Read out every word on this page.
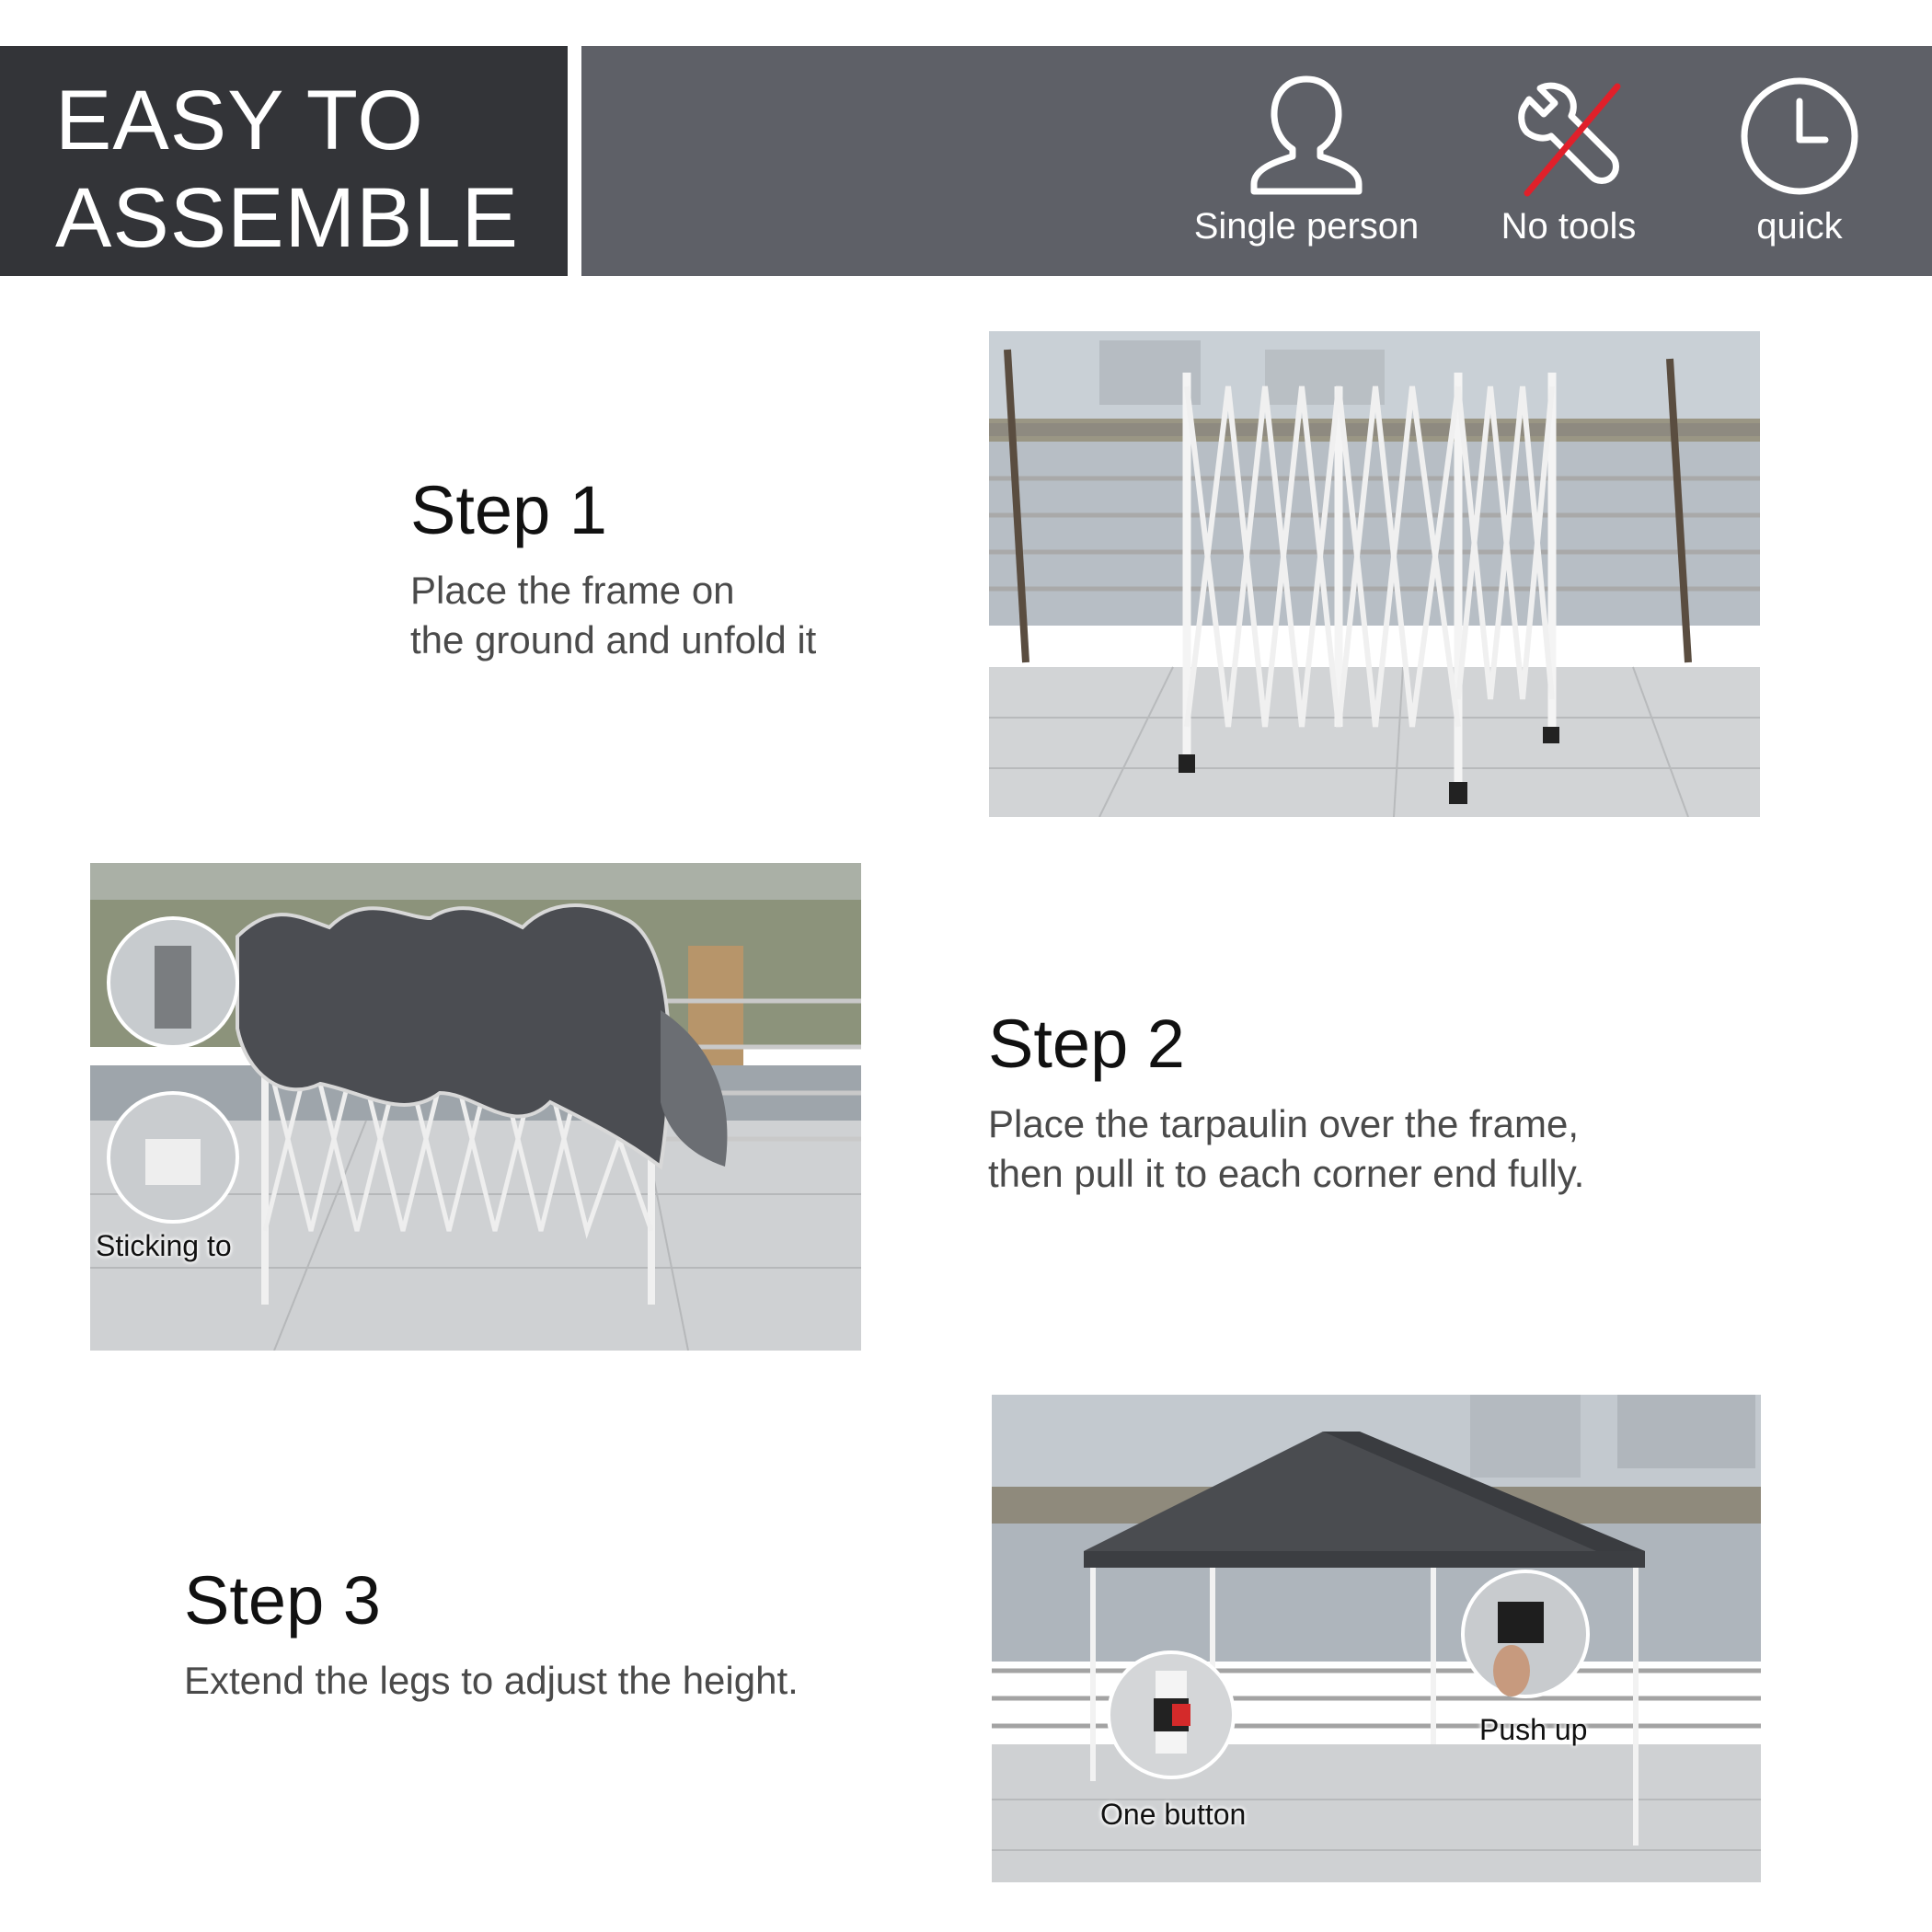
EASY TO
ASSEMBLE	Single person	No tools	quick
Step 1
Place the frame on
the ground and unfold it
Sticking to
Step 2
Place the tarpaulin over the frame,
then pull it to each corner end fully.
Step 3
Extend the legs to adjust the height.
Push up
One button
